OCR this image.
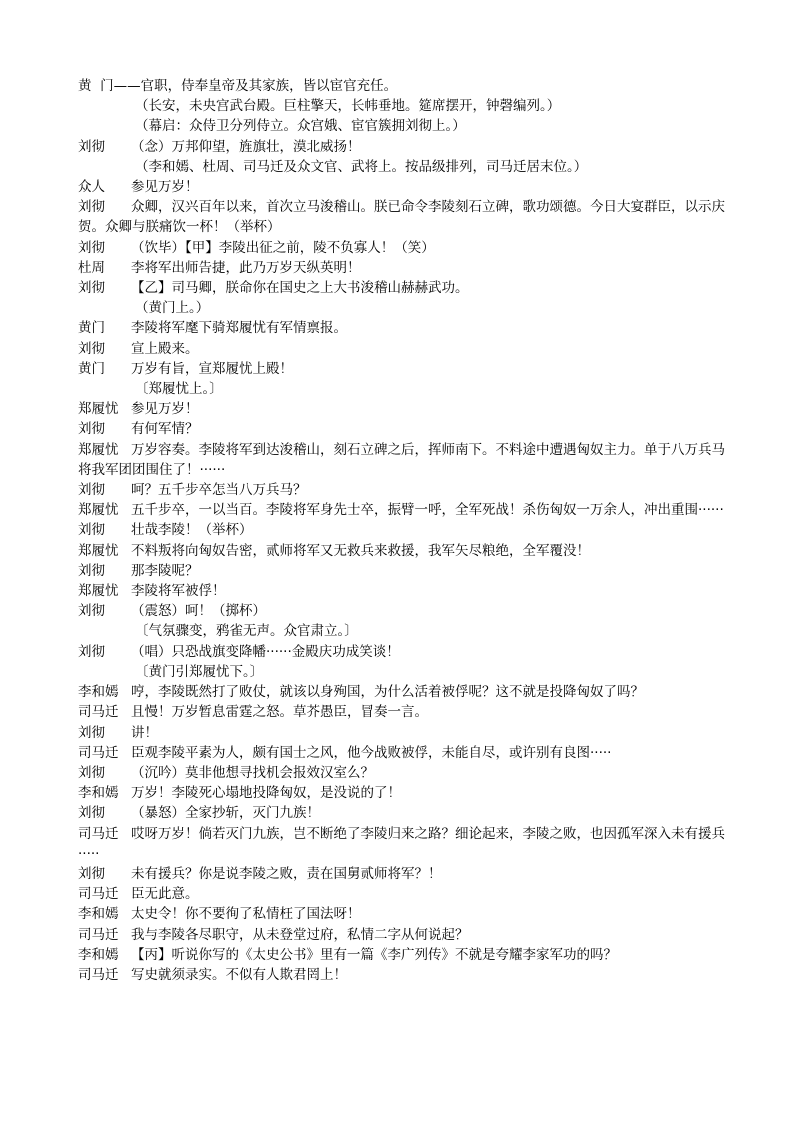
黄  门——官职，侍奉皇帝及其家族，皆以宦官充任。
（长安，未央宫武台殿。巨柱擎天，长帏垂地。筵席摆开，钟磬编列。）
（幕启：众侍卫分列侍立。众宫娥、宦官簇拥刘彻上。）
刘彻	（念）万邦仰望，旌旗壮，漠北威扬！
（李和嫣、杜周、司马迁及众文官、武将上。按品级排列，司马迁居末位。）
众人	参见万岁！
刘彻	众卿，汉兴百年以来，首次立马浚稽山。朕已命令李陵刻石立碑，歌功颂德。今日大宴群臣，以示庆贺。众卿与朕痛饮一杯！（举杯）
刘彻	（饮毕）【甲】李陵出征之前，陵不负寡人！（笑）
杜周	李将军出师告捷，此乃万岁天纵英明！
刘彻	【乙】司马卿，朕命你在国史之上大书浚稽山赫赫武功。
（黄门上。）
黄门	李陵将军麾下骑郑履忧有军情禀报。
刘彻	宣上殿来。
黄门	万岁有旨，宣郑履忧上殿！
〔郑履忧上。〕
郑履忧 参见万岁！
刘彻	有何军情？
郑履忧 万岁容奏。李陵将军到达浚稽山，刻石立碑之后，挥师南下。不料途中遭遇匈奴主力。单于八万兵马将我军团团围住了！······
刘彻	呵？五千步卒怎当八万兵马？
郑履忧 五千步卒，一以当百。李陵将军身先士卒，振臂一呼，全军死战！杀伤匈奴一万余人，冲出重围······
刘彻	壮哉李陵！（举杯）
郑履忧 不料叛将向匈奴告密，贰师将军又无救兵来救援，我军矢尽粮绝，全军覆没！
刘彻	那李陵呢？
郑履忧 李陵将军被俘！
刘彻	（震怒）呵！（掷杯）
〔气氛骤变，鸦雀无声。众官肃立。〕
刘彻	（唱）只恐战旗变降幡······金殿庆功成笑谈！
〔黄门引郑履忧下。〕
李和嫣 哼，李陵既然打了败仗，就该以身殉国，为什么活着被俘呢？这不就是投降匈奴了吗？
司马迁 且慢！万岁暂息雷霆之怒。草芥愚臣，冒奏一言。
刘彻	讲！
司马迁 臣观李陵平素为人，颇有国士之风，他今战败被俘，未能自尽，或许别有良图·····
刘彻	（沉吟）莫非他想寻找机会报效汉室么？
李和嫣 万岁！李陵死心塌地投降匈奴，是没说的了！
刘彻	（暴怒）全家抄斩，灭门九族！
司马迁 哎呀万岁！倘若灭门九族，岂不断绝了李陵归来之路？细论起来，李陵之败，也因孤军深入未有援兵·····
刘彻	未有援兵？你是说李陵之败，责在国舅贰师将军？！
司马迁 臣无此意。
李和嫣 太史令！你不要徇了私情枉了国法呀！
司马迁 我与李陵各尽职守，从未登堂过府，私情二字从何说起？
李和嫣 【丙】听说你写的《太史公书》里有一篇《李广列传》不就是夸耀李家军功的吗？
司马迁 写史就须录实。不似有人欺君罔上！
